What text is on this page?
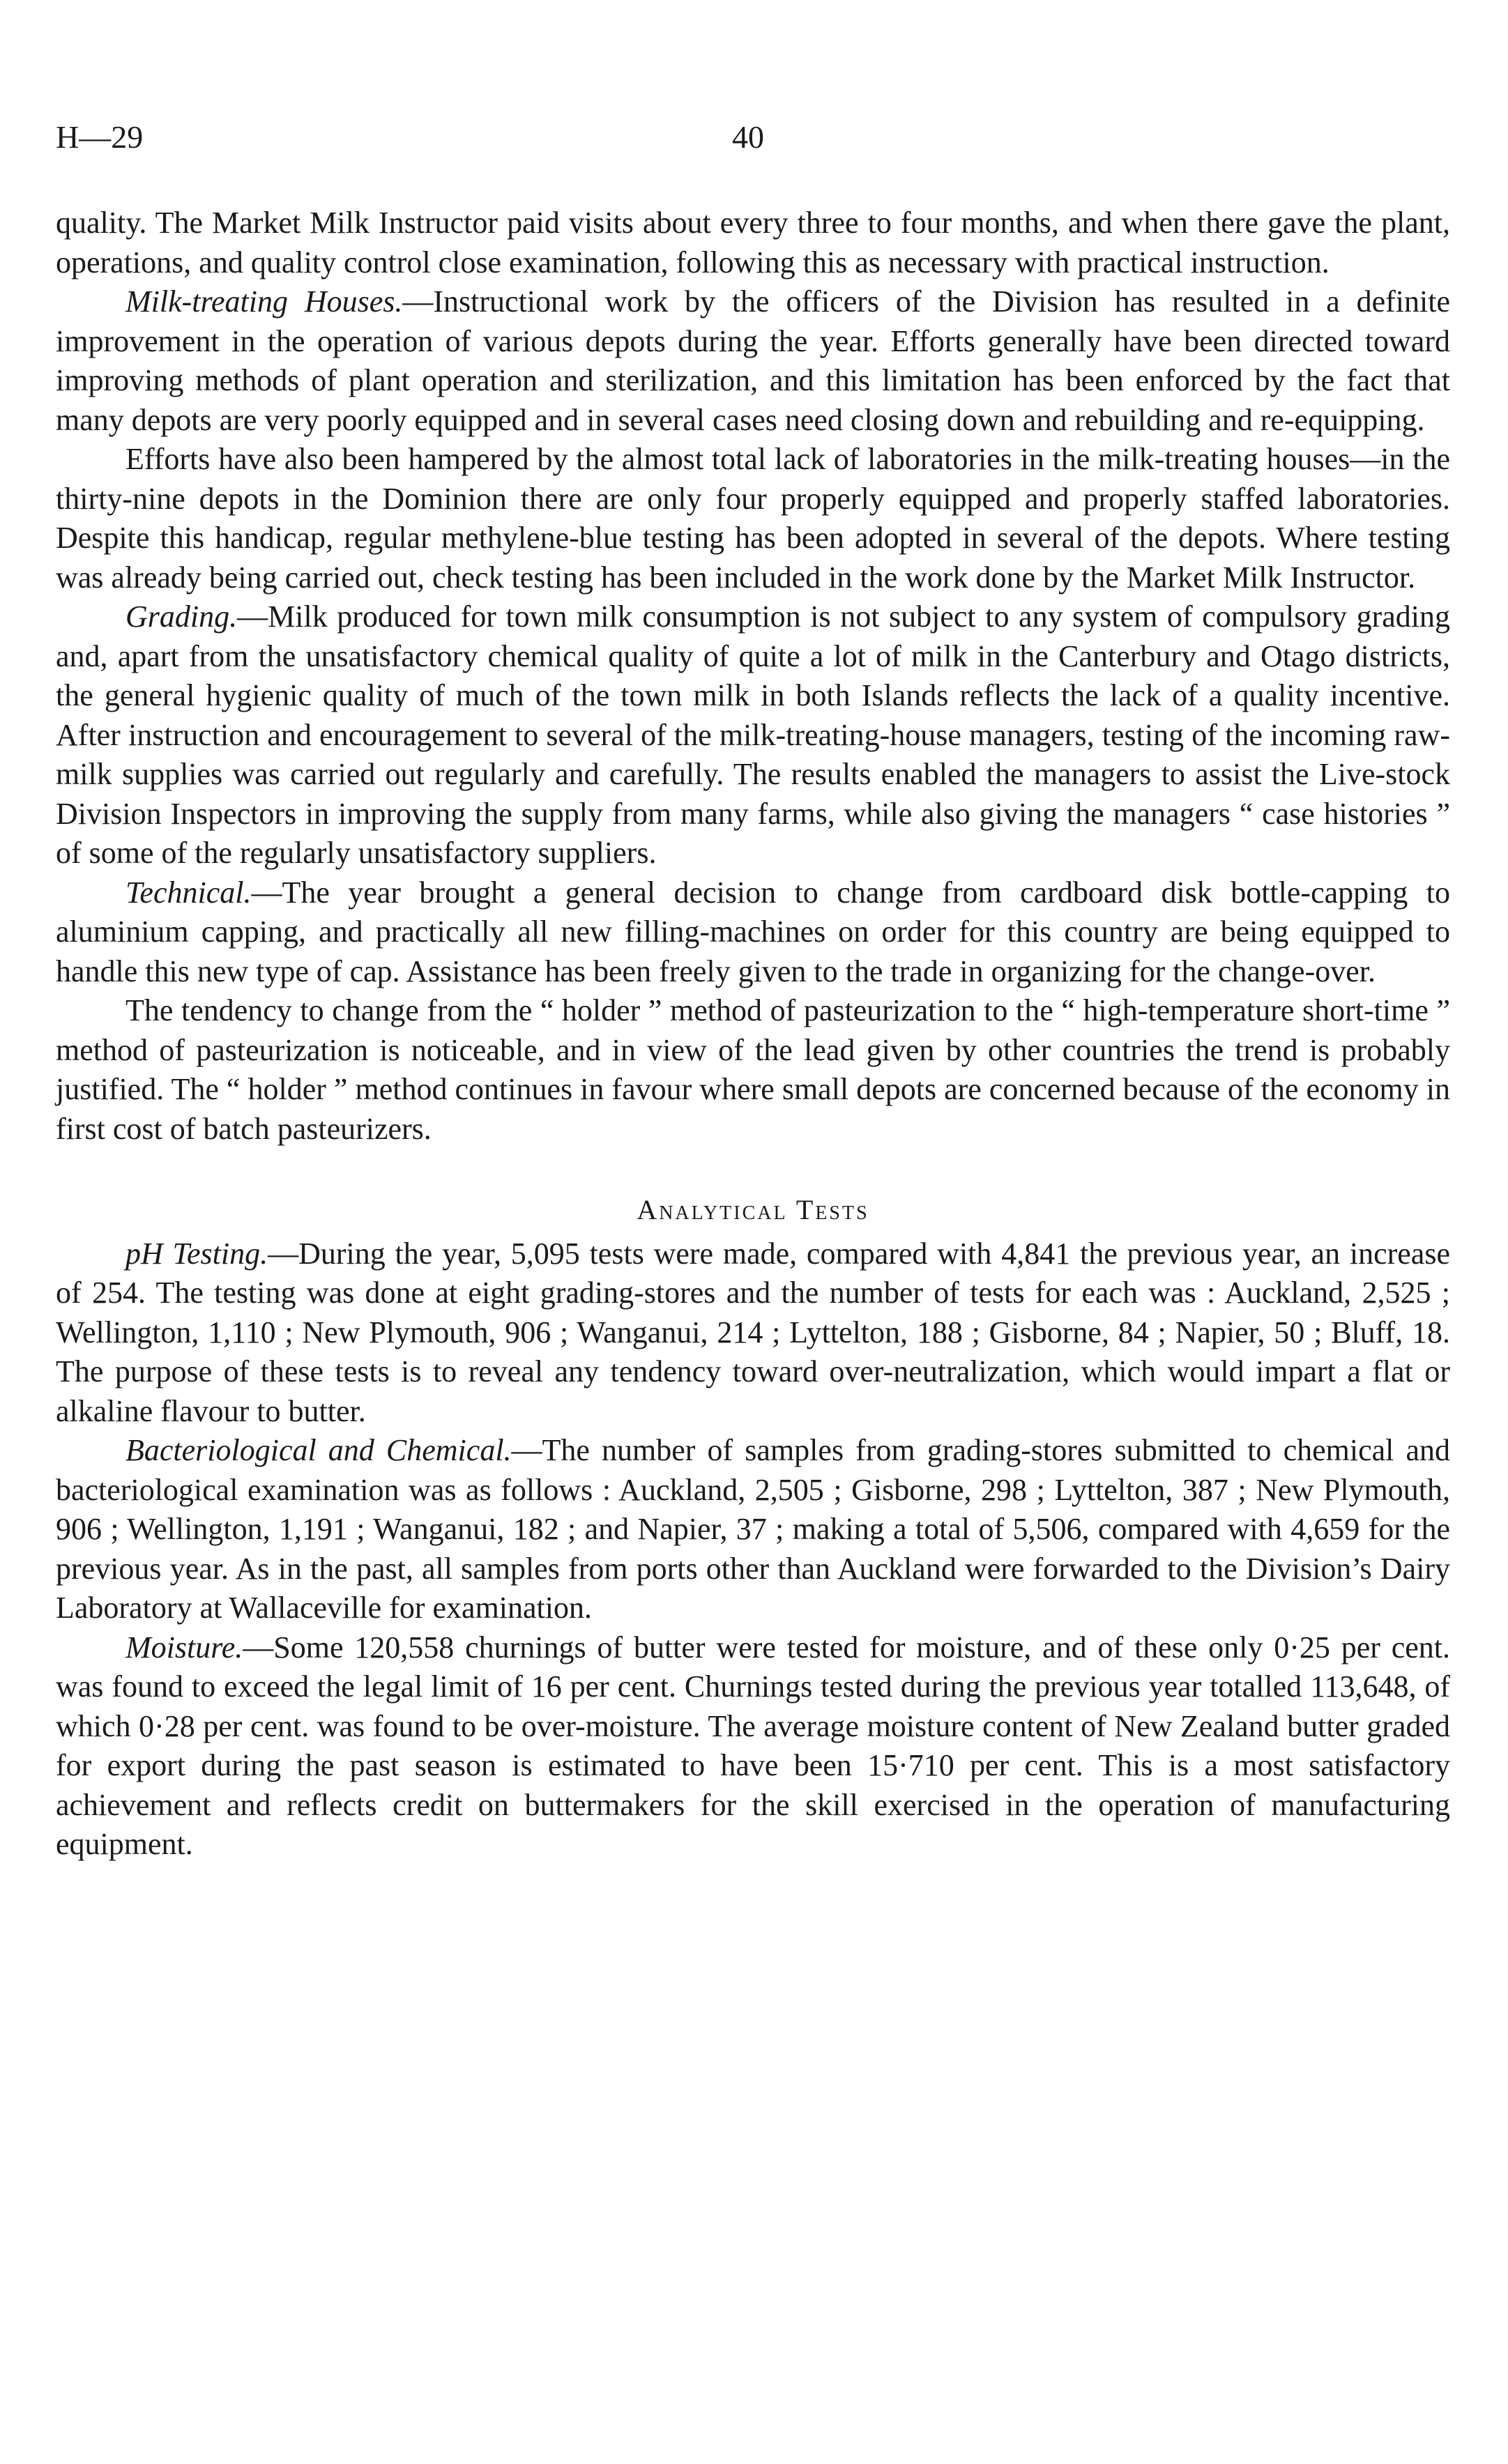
H—29	40

quality. The Market Milk Instructor paid visits about every three to four months, and when there gave the plant, operations, and quality control close examination, following this as necessary with practical instruction.

Milk-treating Houses.—Instructional work by the officers of the Division has resulted in a definite improvement in the operation of various depots during the year. Efforts generally have been directed toward improving methods of plant operation and sterilization, and this limitation has been enforced by the fact that many depots are very poorly equipped and in several cases need closing down and rebuilding and re-equipping.

Efforts have also been hampered by the almost total lack of laboratories in the milk-treating houses—in the thirty-nine depots in the Dominion there are only four properly equipped and properly staffed laboratories. Despite this handicap, regular methylene-blue testing has been adopted in several of the depots. Where testing was already being carried out, check testing has been included in the work done by the Market Milk Instructor.

Grading.—Milk produced for town milk consumption is not subject to any system of compulsory grading and, apart from the unsatisfactory chemical quality of quite a lot of milk in the Canterbury and Otago districts, the general hygienic quality of much of the town milk in both Islands reflects the lack of a quality incentive. After instruction and encouragement to several of the milk-treating-house managers, testing of the incoming raw-milk supplies was carried out regularly and carefully. The results enabled the managers to assist the Live-stock Division Inspectors in improving the supply from many farms, while also giving the managers “ case histories ” of some of the regularly unsatisfactory suppliers.

Technical.—The year brought a general decision to change from cardboard disk bottle-capping to aluminium capping, and practically all new filling-machines on order for this country are being equipped to handle this new type of cap. Assistance has been freely given to the trade in organizing for the change-over.

The tendency to change from the “ holder ” method of pasteurization to the “ high-temperature short-time ” method of pasteurization is noticeable, and in view of the lead given by other countries the trend is probably justified. The “ holder ” method continues in favour where small depots are concerned because of the economy in first cost of batch pasteurizers.

Analytical Tests

pH Testing.—During the year, 5,095 tests were made, compared with 4,841 the previous year, an increase of 254. The testing was done at eight grading-stores and the number of tests for each was : Auckland, 2,525 ; Wellington, 1,110 ; New Plymouth, 906 ; Wanganui, 214 ; Lyttelton, 188 ; Gisborne, 84 ; Napier, 50 ; Bluff, 18. The purpose of these tests is to reveal any tendency toward over-neutralization, which would impart a flat or alkaline flavour to butter.

Bacteriological and Chemical.—The number of samples from grading-stores submitted to chemical and bacteriological examination was as follows : Auckland, 2,505 ; Gisborne, 298 ; Lyttelton, 387 ; New Plymouth, 906 ; Wellington, 1,191 ; Wanganui, 182 ; and Napier, 37 ; making a total of 5,506, compared with 4,659 for the previous year. As in the past, all samples from ports other than Auckland were forwarded to the Division’s Dairy Laboratory at Wallaceville for examination.

Moisture.—Some 120,558 churnings of butter were tested for moisture, and of these only 0·25 per cent. was found to exceed the legal limit of 16 per cent. Churnings tested during the previous year totalled 113,648, of which 0·28 per cent. was found to be over-moisture. The average moisture content of New Zealand butter graded for export during the past season is estimated to have been 15·710 per cent. This is a most satisfactory achievement and reflects credit on buttermakers for the skill exercised in the operation of manufacturing equipment.
